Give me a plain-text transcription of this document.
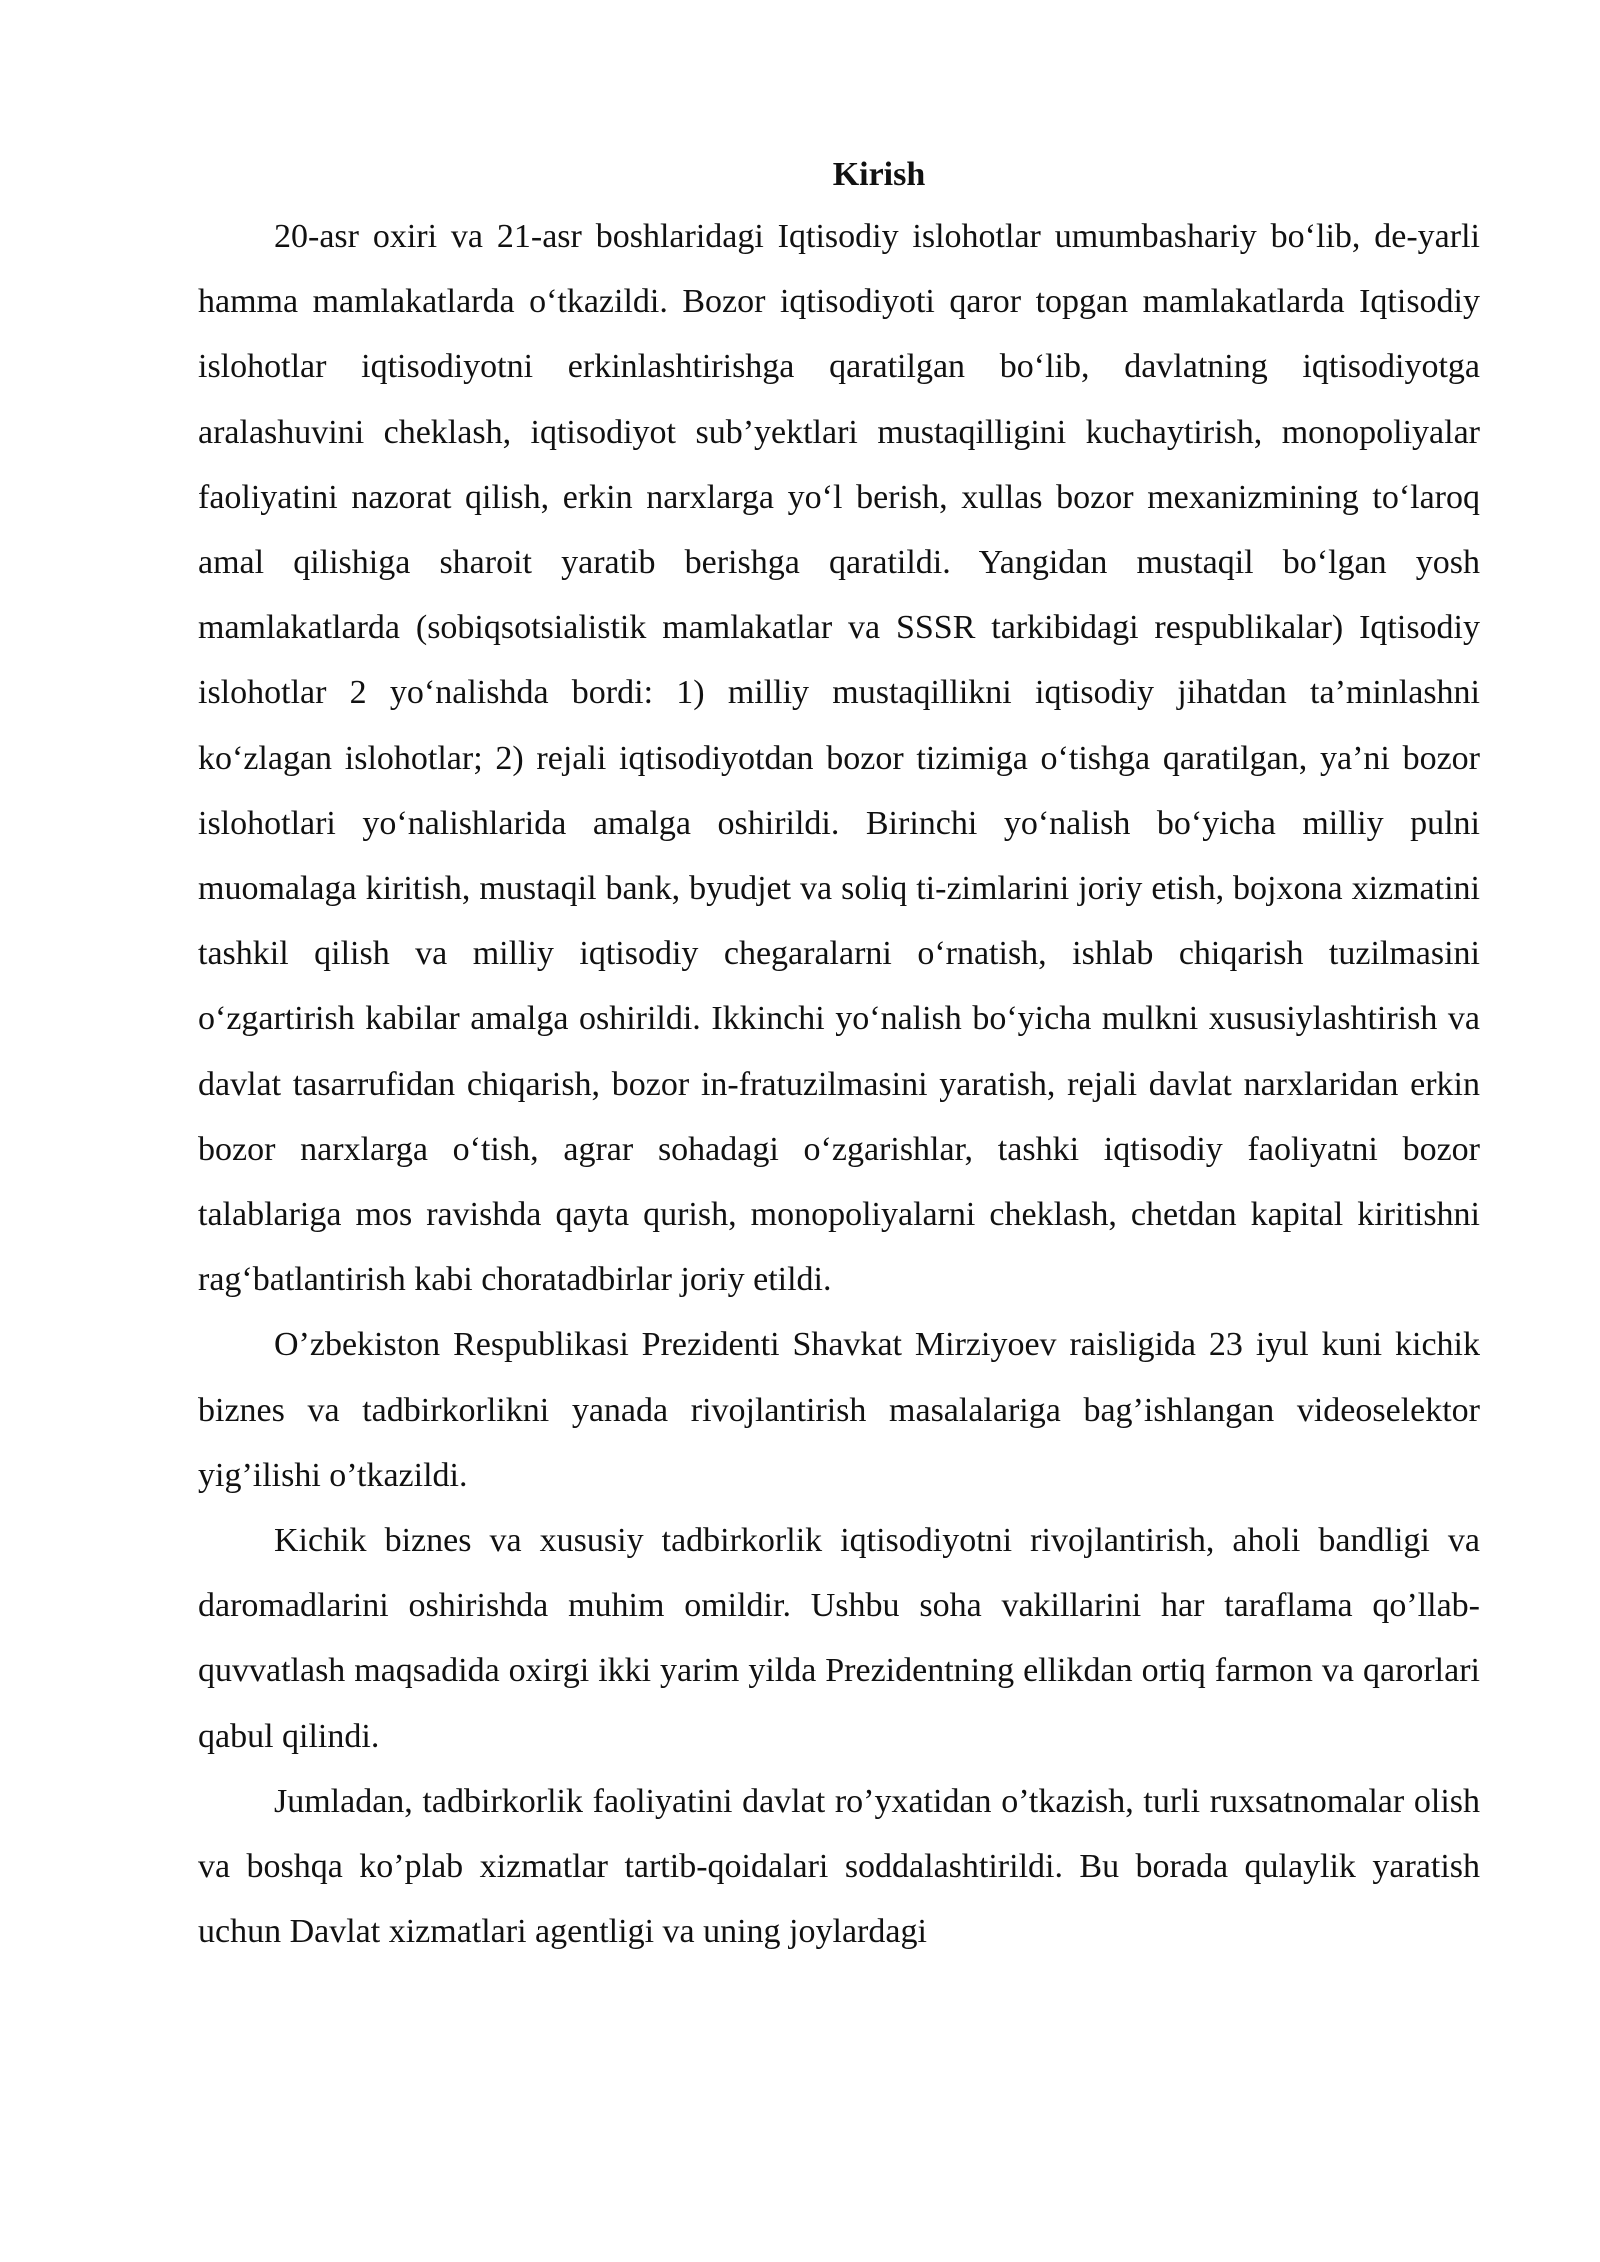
Kirish

20-asr oxiri va 21-asr boshlaridagi Iqtisodiy islohotlar umumbashariy bo‘lib, de-yarli hamma mamlakatlarda o‘tkazildi. Bozor iqtisodiyoti qaror topgan mamlakatlarda Iqtisodiy islohotlar iqtisodiyotni erkinlashtirishga qaratilgan bo‘lib, davlatning iqtisodiyotga aralashuvini cheklash, iqtisodiyot sub’yektlari mustaqilligini kuchaytirish, monopoliyalar faoliyatini nazorat qilish, erkin narxlarga yo‘l berish, xullas bozor mexanizmining to‘laroq amal qilishiga sharoit yaratib berishga qaratildi. Yangidan mustaqil bo‘lgan yosh mamlakatlarda (sobiqsotsialistik mamlakatlar va SSSR tarkibidagi respublikalar) Iqtisodiy islohotlar 2 yo‘nalishda bordi: 1) milliy mustaqillikni iqtisodiy jihatdan ta’minlashni ko‘zlagan islohotlar; 2) rejali iqtisodiyotdan bozor tizimiga o‘tishga qaratilgan, ya’ni bozor islohotlari yo‘nalishlarida amalga oshirildi. Birinchi yo‘nalish bo‘yicha milliy pulni muomalaga kiritish, mustaqil bank, byudjet va soliq ti-zimlarini joriy etish, bojxona xizmatini tashkil qilish va milliy iqtisodiy chegaralarni o‘rnatish, ishlab chiqarish tuzilmasini o‘zgartirish kabilar amalga oshirildi. Ikkinchi yo‘nalish bo‘yicha mulkni xususiylashtirish va davlat tasarrufidan chiqarish, bozor in-fratuzilmasini yaratish, rejali davlat narxlaridan erkin bozor narxlarga o‘tish, agrar sohadagi o‘zgarishlar, tashki iqtisodiy faoliyatni bozor talablariga mos ravishda qayta qurish, monopoliyalarni cheklash, chetdan kapital kiritishni rag‘batlantirish kabi choratadbirlar joriy etildi.

O’zbekiston Respublikasi Prezidenti Shavkat Mirziyoev raisligida 23 iyul kuni kichik biznes va tadbirkorlikni yanada rivojlantirish masalalariga bag’ishlangan videoselektor yig’ilishi o’tkazildi.

Kichik biznes va xususiy tadbirkorlik iqtisodiyotni rivojlantirish, aholi bandligi va daromadlarini oshirishda muhim omildir. Ushbu soha vakillarini har taraflama qo’llab-quvvatlash maqsadida oxirgi ikki yarim yilda Prezidentning ellikdan ortiq farmon va qarorlari qabul qilindi.

Jumladan, tadbirkorlik faoliyatini davlat ro’yxatidan o’tkazish, turli ruxsatnomalar olish va boshqa ko’plab xizmatlar tartib-qoidalari soddalashtirildi. Bu borada qulaylik yaratish uchun Davlat xizmatlari agentligi va uning joylardagi
